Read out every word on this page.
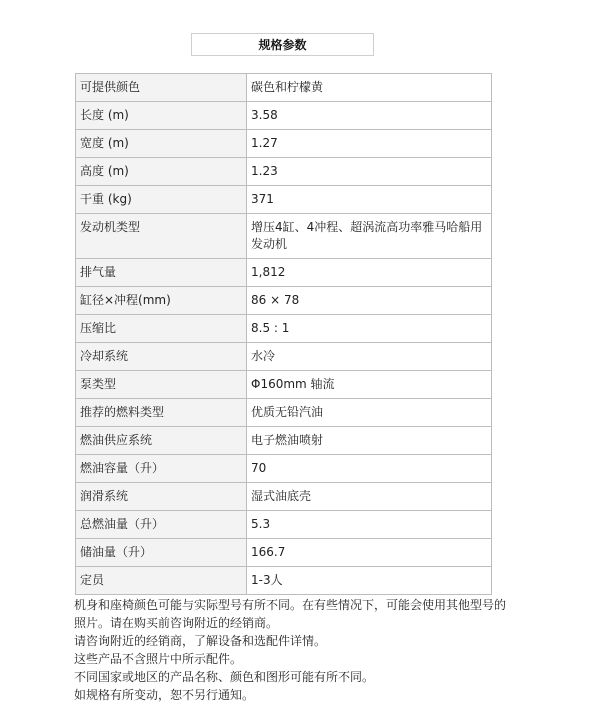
规格参数
可提供颜色	碳色和柠檬黄
长度 (m)	3.58
宽度 (m)	1.27
高度 (m)	1.23
干重 (kg)	371
发动机类型	增压4缸、4冲程、超涡流高功率雅马哈船用发动机
排气量	1,812
缸径×冲程(mm)	86 × 78
压缩比	8.5 : 1
冷却系统	水冷
泵类型	Φ160mm 轴流
推荐的燃料类型	优质无铅汽油
燃油供应系统	电子燃油喷射
燃油容量（升）	70
润滑系统	湿式油底壳
总燃油量（升）	5.3
储油量（升）	166.7
定员	1-3人

机身和座椅颜色可能与实际型号有所不同。在有些情况下，可能会使用其他型号的照片。请在购买前咨询附近的经销商。

请咨询附近的经销商，了解设备和选配件详情。

这些产品不含照片中所示配件。

不同国家或地区的产品名称、颜色和图形可能有所不同。

如规格有所变动，恕不另行通知。
